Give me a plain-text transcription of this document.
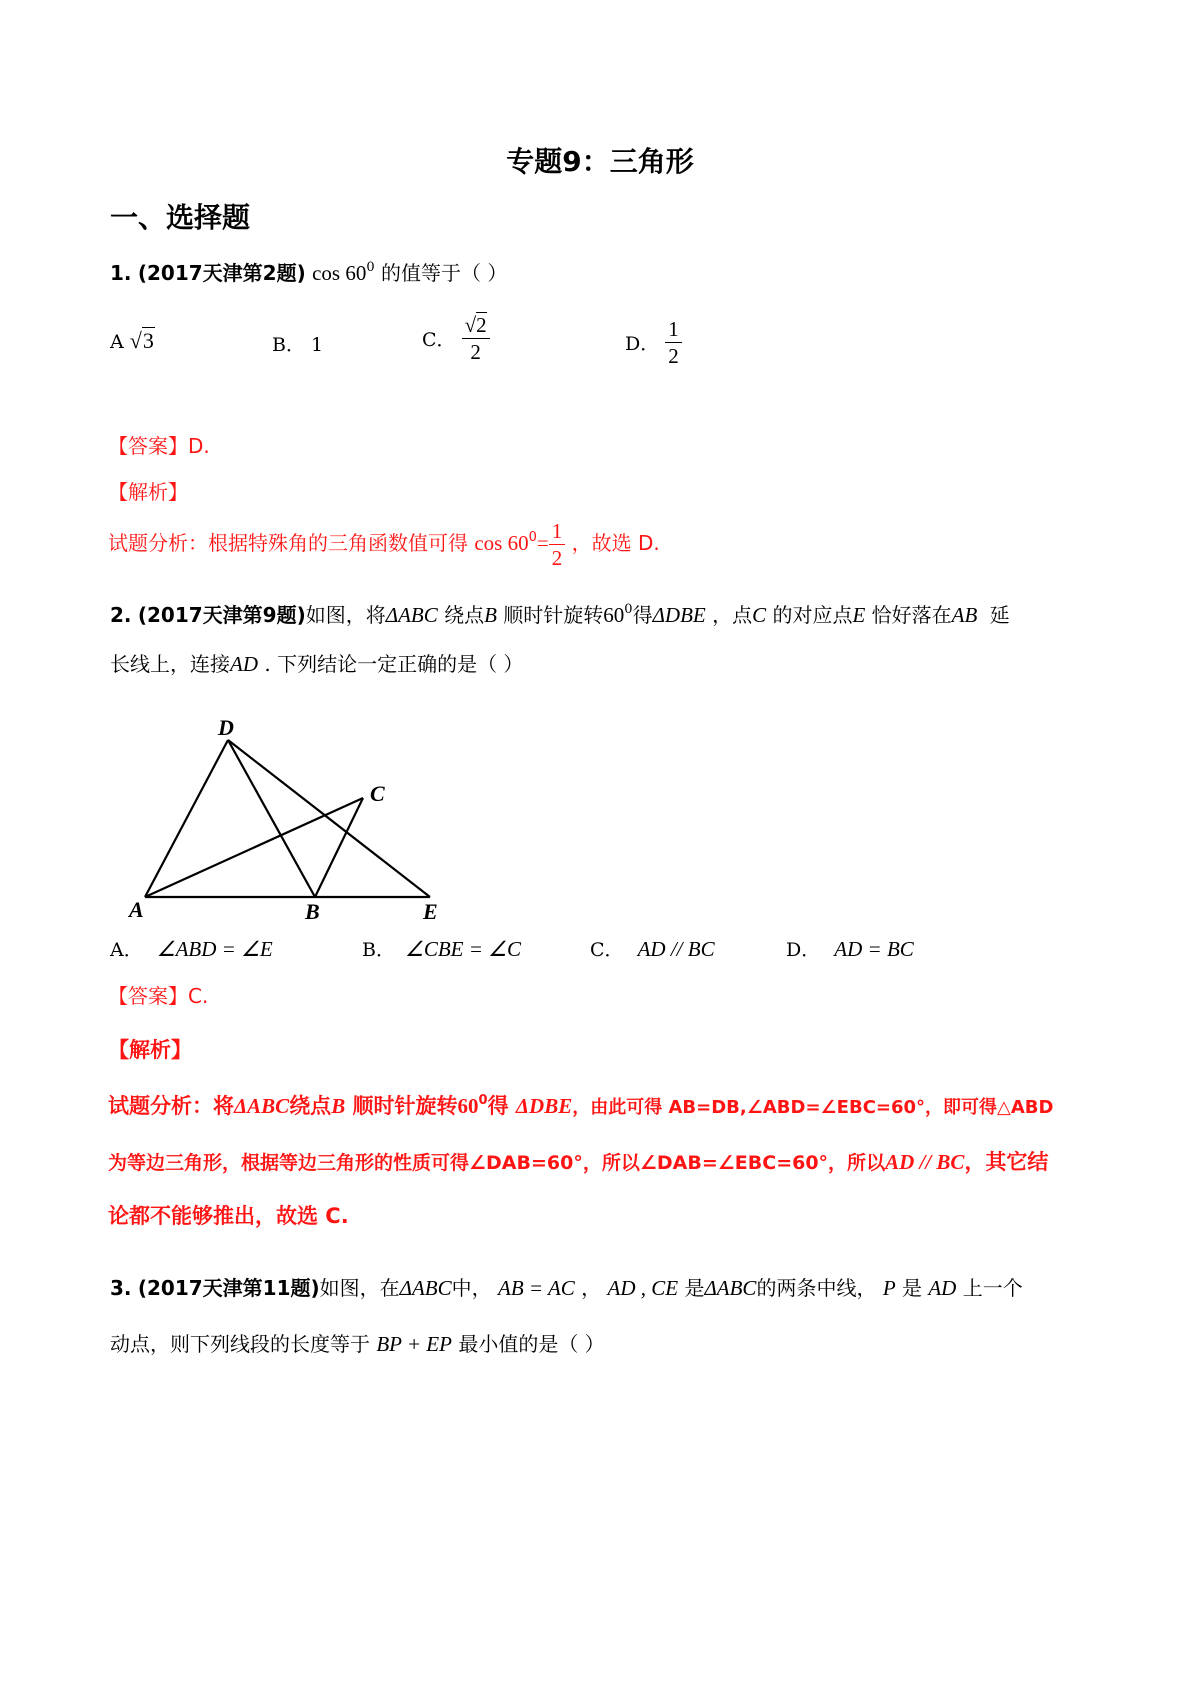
专题9：三角形
一、选择题
1. (2017天津第2题) $\cos 60^0$ 的值等于（ ）
A √3	B． 1	C． $\frac{√2}{2}$	D． $\frac{1}{2}$
【答案】D.
【解析】
试题分析：根据特殊角的三角函数值可得 $\cos 60^0= \frac{1}{2}$ ，故选 D.
2. (2017天津第9题)如图，将ΔABC 绕点B 顺时针旋转$60^0$得ΔDBE ，点C 的对应点E 恰好落在AB 延
长线上，连接AD . 下列结论一定正确的是（ ）
D
C
A	B	E
A． ∠ABD = ∠E	B． ∠CBE = ∠C	C． AD // BC	D． AD = BC
【答案】C.
【解析】
试题分析：将ΔABC绕点B 顺时针旋转$60^0$得 ΔDBE，由此可得 AB=DB,∠ABD=∠EBC=60°，即可得△ABD
为等边三角形，根据等边三角形的性质可得∠DAB=60°，所以∠DAB=∠EBC=60°，所以AD // BC，其它结
论都不能够推出，故选 C.
3. (2017天津第11题)如图，在ΔABC中， AB = AC ， AD , CE 是ΔABC的两条中线， P 是 AD 上一个
动点，则下列线段的长度等于 BP + EP 最小值的是（ ）
